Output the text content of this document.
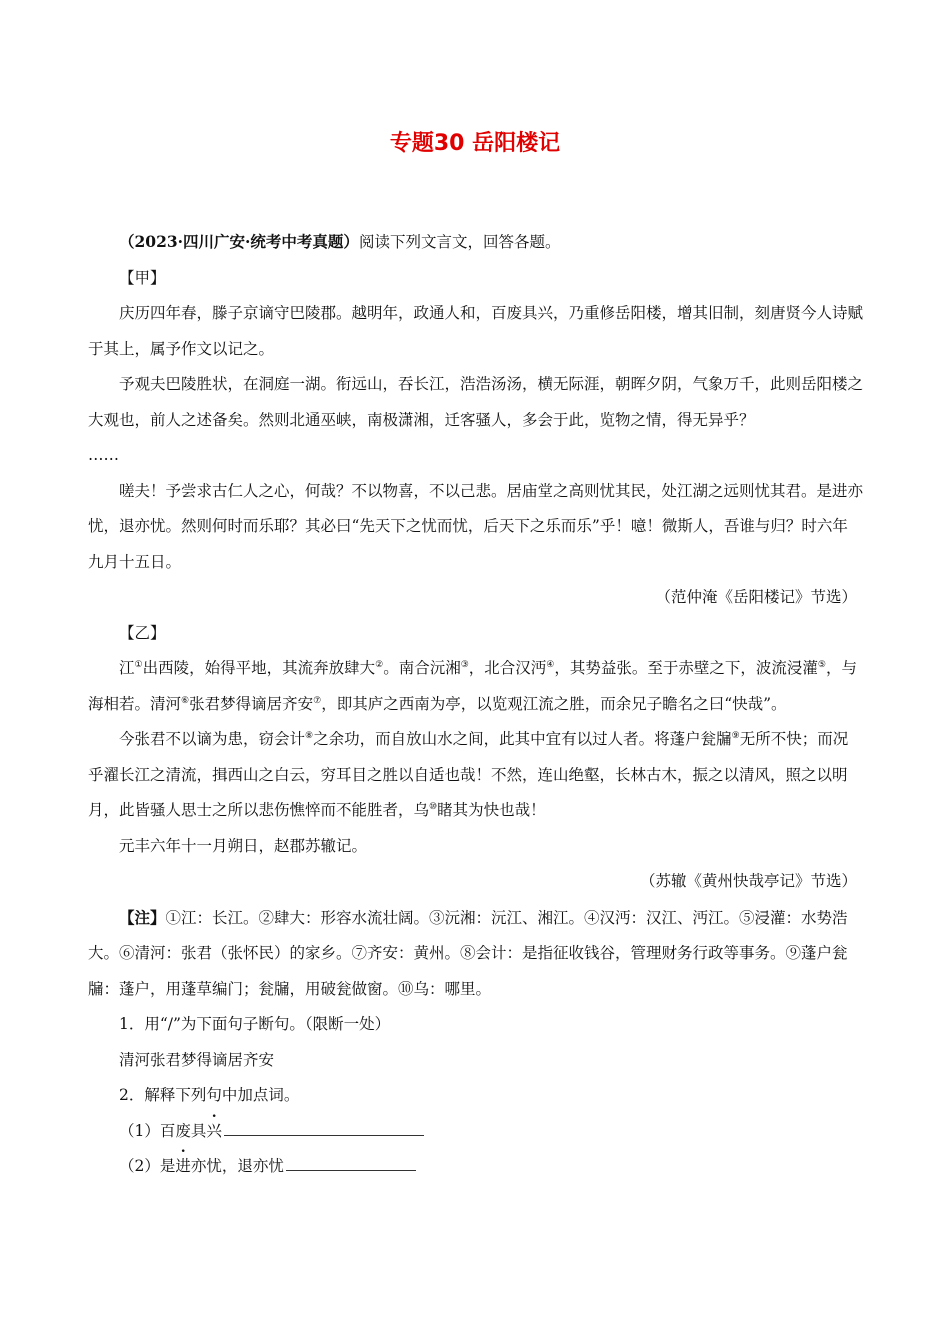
专题30 岳阳楼记

（2023·四川广安·统考中考真题）阅读下列文言文，回答各题。

【甲】

庆历四年春，滕子京谪守巴陵郡。越明年，政通人和，百废具兴，乃重修岳阳楼，增其旧制，刻唐贤今人诗赋于其上，属予作文以记之。

予观夫巴陵胜状，在洞庭一湖。衔远山，吞长江，浩浩汤汤，横无际涯，朝晖夕阴，气象万千，此则岳阳楼之大观也，前人之述备矣。然则北通巫峡，南极潇湘，迁客骚人，多会于此，览物之情，得无异乎？

……

嗟夫！予尝求古仁人之心，何哉？不以物喜，不以己悲。居庙堂之高则忧其民，处江湖之远则忧其君。是进亦忧，退亦忧。然则何时而乐耶？其必曰“先天下之忧而忧，后天下之乐而乐”乎！噫！微斯人，吾谁与归？时六年九月十五日。

（范仲淹《岳阳楼记》节选）

【乙】

江①出西陵，始得平地，其流奔放肆大②。南合沅湘③，北合汉沔④，其势益张。至于赤壁之下，波流浸灌⑤，与海相若。清河⑥张君梦得谪居齐安⑦，即其庐之西南为亭，以览观江流之胜，而余兄子瞻名之曰“快哉”。

今张君不以谪为患，窃会计⑧之余功，而自放山水之间，此其中宜有以过人者。将蓬户瓮牖⑨无所不快；而况乎濯长江之清流，揖西山之白云，穷耳目之胜以自适也哉！不然，连山绝壑，长林古木，振之以清风，照之以明月，此皆骚人思士之所以悲伤憔悴而不能胜者，乌⑩睹其为快也哉！

元丰六年十一月朔日，赵郡苏辙记。

（苏辙《黄州快哉亭记》节选）

【注】①江：长江。②肆大：形容水流壮阔。③沅湘：沅江、湘江。④汉沔：汉江、沔江。⑤浸灌：水势浩大。⑥清河：张君（张怀民）的家乡。⑦齐安：黄州。⑧会计：是指征收钱谷，管理财务行政等事务。⑨蓬户瓮牖：蓬户，用蓬草编门；瓮牖，用破瓮做窗。⑩乌：哪里。

1．用“/”为下面句子断句。（限断一处）

清河张君梦得谪居齐安

2．解释下列句中加点词。

（1）百废具兴

（2）是进亦忧，退亦忧
